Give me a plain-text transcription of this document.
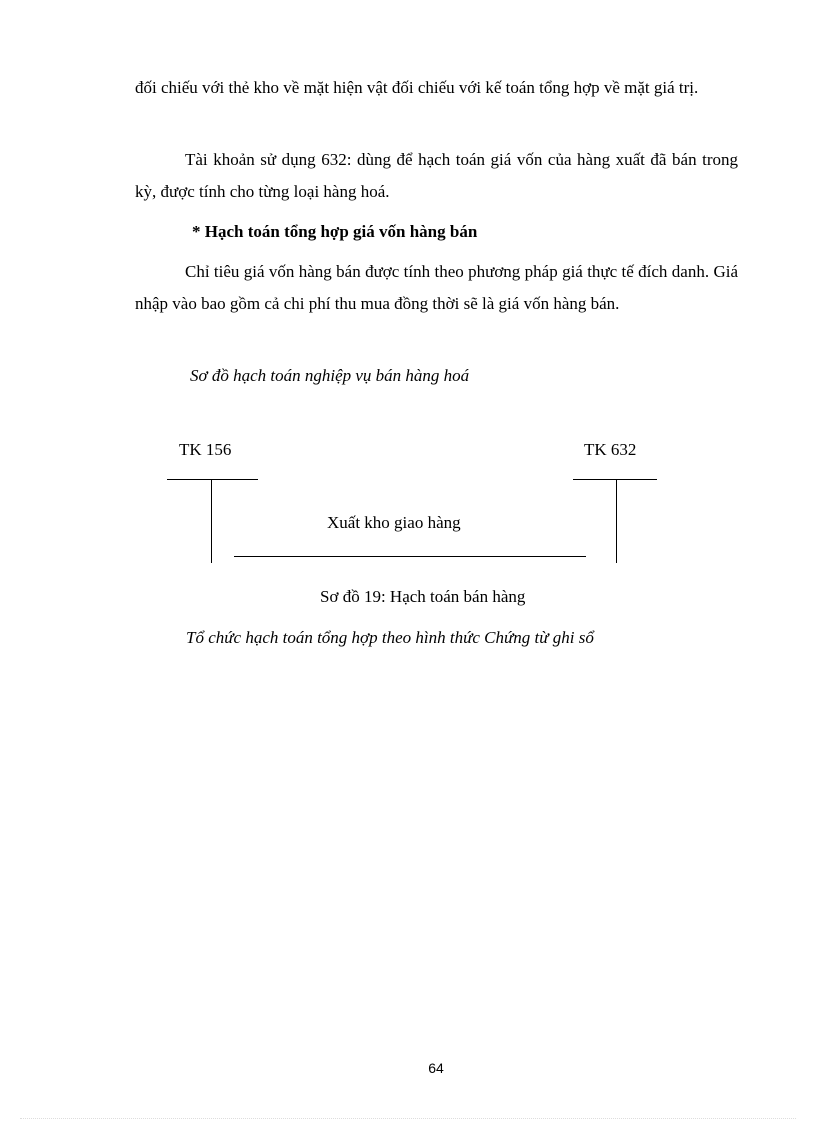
đối chiếu với thẻ kho về mặt hiện vật đối chiếu với kế toán tổng hợp về mặt giá trị.

Tài khoản sử dụng 632: dùng để hạch toán giá vốn của hàng xuất đã bán trong kỳ, được tính cho từng loại hàng hoá.

* Hạch toán tổng hợp giá vốn hàng bán

Chỉ tiêu giá vốn hàng bán được tính theo phương pháp giá thực tế đích danh. Giá nhập vào bao gồm cả chi phí thu mua đồng thời sẽ là giá vốn hàng bán.

Sơ đồ hạch toán nghiệp vụ bán hàng hoá

TK 156	TK 632
Xuất kho giao hàng

Sơ đồ 19: Hạch toán bán hàng

Tổ chức hạch toán tổng hợp theo hình thức Chứng từ ghi sổ

64
